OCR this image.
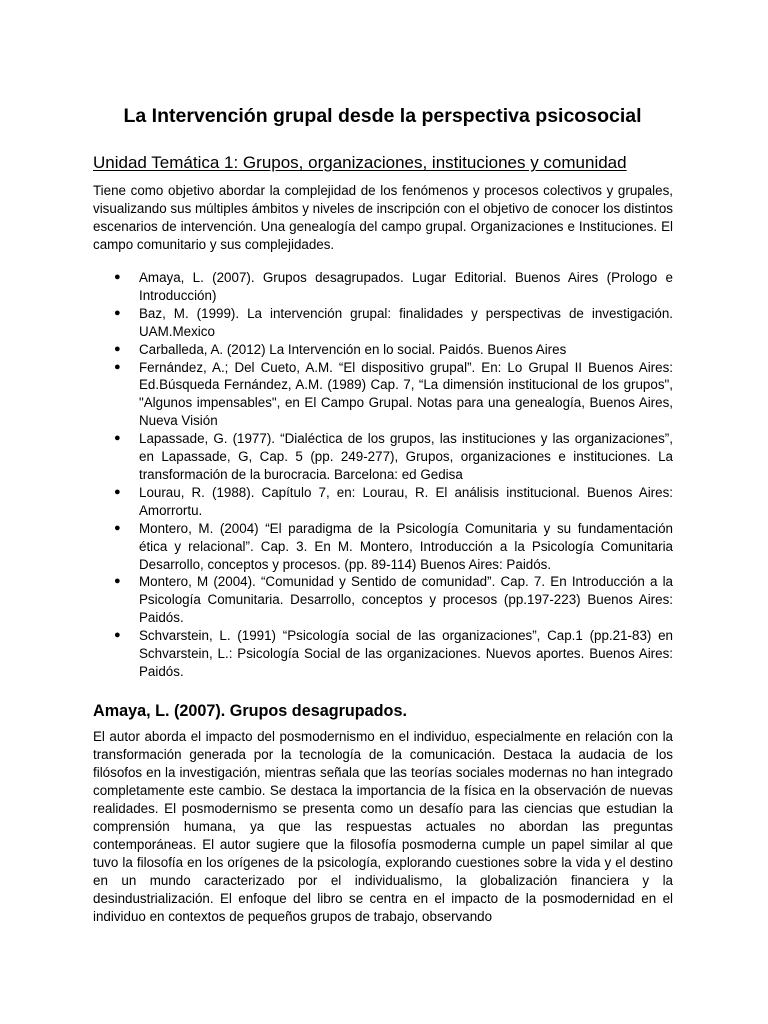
La Intervención grupal desde la perspectiva psicosocial
Unidad Temática 1: Grupos, organizaciones, instituciones y comunidad

Tiene como objetivo abordar la complejidad de los fenómenos y procesos colectivos y grupales, visualizando sus múltiples ámbitos y niveles de inscripción con el objetivo de conocer los distintos escenarios de intervención. Una genealogía del campo grupal. Organizaciones e Instituciones. El campo comunitario y sus complejidades.

● Amaya, L. (2007). Grupos desagrupados. Lugar Editorial. Buenos Aires (Prologo e Introducción)
● Baz, M. (1999). La intervención grupal: finalidades y perspectivas de investigación. UAM.Mexico
● Carballeda, A. (2012) La Intervención en lo social. Paidós. Buenos Aires
● Fernández, A.; Del Cueto, A.M. “El dispositivo grupal”. En: Lo Grupal II Buenos Aires: Ed.Búsqueda Fernández, A.M. (1989) Cap. 7, “La dimensión institucional de los grupos", "Algunos impensables", en El Campo Grupal. Notas para una genealogía, Buenos Aires, Nueva Visión
● Lapassade, G. (1977). “Dialéctica de los grupos, las instituciones y las organizaciones”, en Lapassade, G, Cap. 5 (pp. 249-277), Grupos, organizaciones e instituciones. La transformación de la burocracia. Barcelona: ed Gedisa
● Lourau, R. (1988). Capítulo 7, en: Lourau, R. El análisis institucional. Buenos Aires: Amorrortu.
● Montero, M. (2004) “El paradigma de la Psicología Comunitaria y su fundamentación ética y relacional”. Cap. 3. En M. Montero, Introducción a la Psicología Comunitaria Desarrollo, conceptos y procesos. (pp. 89-114) Buenos Aires: Paidós.
● Montero, M (2004). “Comunidad y Sentido de comunidad”. Cap. 7. En Introducción a la Psicología Comunitaria. Desarrollo, conceptos y procesos (pp.197-223) Buenos Aires: Paidós.
● Schvarstein, L. (1991) “Psicología social de las organizaciones”, Cap.1 (pp.21-83) en Schvarstein, L.: Psicología Social de las organizaciones. Nuevos aportes. Buenos Aires: Paidós.
Amaya, L. (2007). Grupos desagrupados.

El autor aborda el impacto del posmodernismo en el individuo, especialmente en relación con la transformación generada por la tecnología de la comunicación. Destaca la audacia de los filósofos en la investigación, mientras señala que las teorías sociales modernas no han integrado completamente este cambio. Se destaca la importancia de la física en la observación de nuevas realidades. El posmodernismo se presenta como un desafío para las ciencias que estudian la comprensión humana, ya que las respuestas actuales no abordan las preguntas contemporáneas. El autor sugiere que la filosofía posmoderna cumple un papel similar al que tuvo la filosofía en los orígenes de la psicología, explorando cuestiones sobre la vida y el destino en un mundo caracterizado por el individualismo, la globalización financiera y la desindustrialización. El enfoque del libro se centra en el impacto de la posmodernidad en el individuo en contextos de pequeños grupos de trabajo, observando
